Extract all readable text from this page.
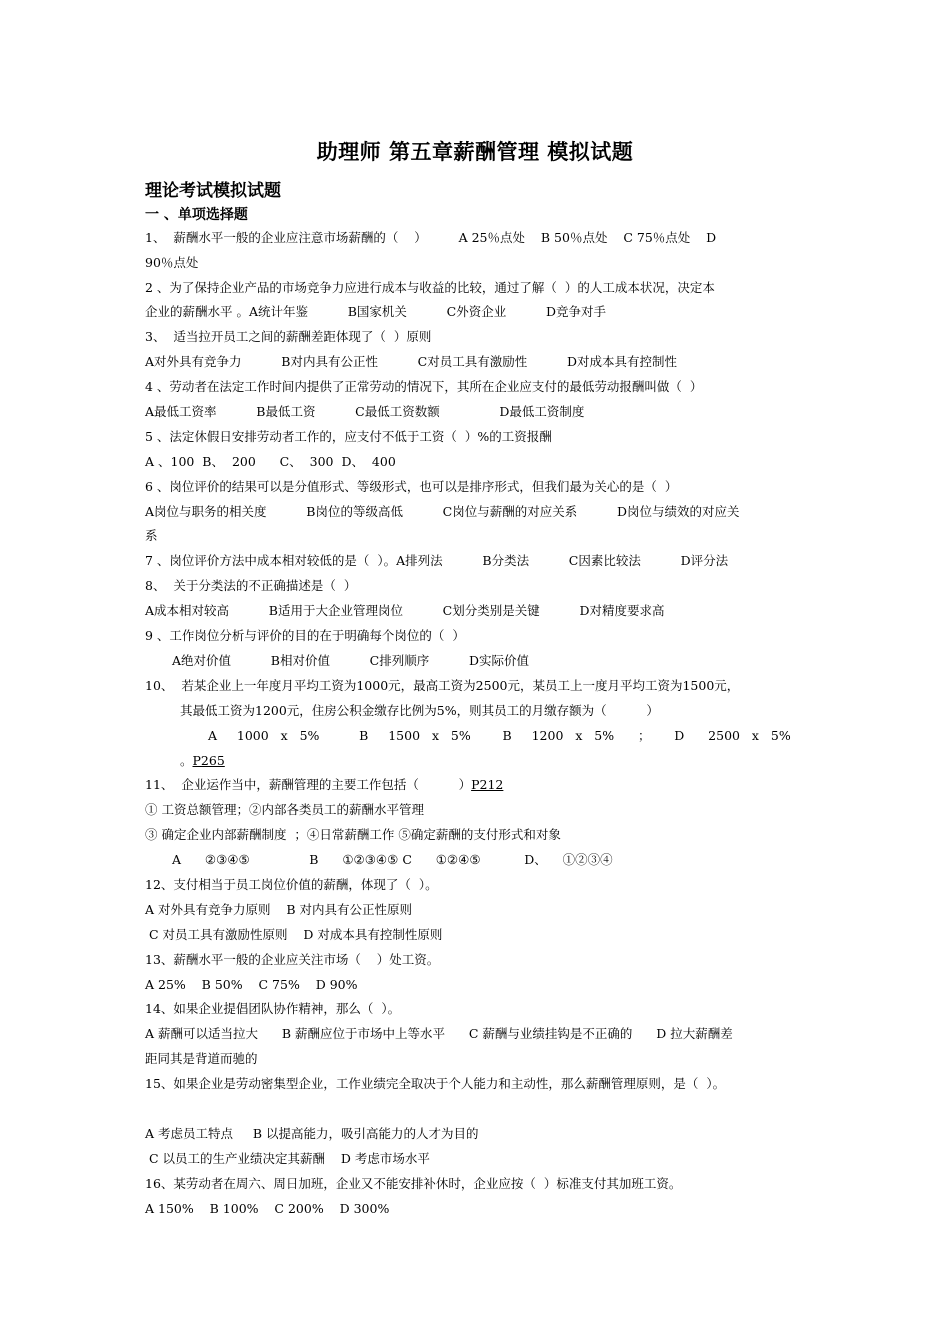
助理师 第五章薪酬管理 模拟试题
理论考试模拟试题
一 、单项选择题
1、  薪酬水平一般的企业应注意市场薪酬的（    ）        A 25％点处    B 50％点处    C 75％点处    D
90％点处
2 、为了保持企业产品的市场竞争力应进行成本与收益的比较，通过了解（  ）的人工成本状况，决定本
企业的薪酬水平 。A统计年鉴          B国家机关          C外资企业          D竞争对手
3、  适当拉开员工之间的薪酬差距体现了（  ）原则
A对外具有竞争力          B对内具有公正性          C对员工具有激励性          D对成本具有控制性
4 、劳动者在法定工作时间内提供了正常劳动的情况下，其所在企业应支付的最低劳动报酬叫做（  ）
A最低工资率          B最低工资          C最低工资数额               D最低工资制度
5 、法定休假日安排劳动者工作的，应支付不低于工资（  ）%的工资报酬
A 、100  B、  200      C、  300  D、  400
6 、岗位评价的结果可以是分值形式、等级形式，也可以是排序形式，但我们最为关心的是（  ）
A岗位与职务的相关度          B岗位的等级高低          C岗位与薪酬的对应关系          D岗位与绩效的对应关
系
7 、岗位评价方法中成本相对较低的是（  ）。A排列法          B分类法          C因素比较法          D评分法
8、  关于分类法的不正确描述是（  ）
A成本相对较高          B适用于大企业管理岗位          C划分类别是关键          D对精度要求高
9 、工作岗位分析与评价的目的在于明确每个岗位的（  ）
A绝对价值          B相对价值          C排列顺序          D实际价值
10、  若某企业上一年度月平均工资为1000元，最高工资为2500元，某员工上一度月平均工资为1500元，
其最低工资为1200元，住房公积金缴存比例为5%，则其员工的月缴存额为（          ）
A     1000   x   5%          B     1500   x   5%        B     1200   x   5%      ；      D      2500   x   5%
。P265
11、  企业运作当中，薪酬管理的主要工作包括（          ）P212
① 工资总额管理；②内部各类员工的薪酬水平管理
③ 确定企业内部薪酬制度  ；④日常薪酬工作 ⑤确定薪酬的支付形式和对象
A      ②③④⑤               B      ①②③④⑤ C      ①②④⑤           D、    ①②③④
12、支付相当于员工岗位价值的薪酬，体现了（  ）。
A 对外具有竞争力原则    B 对内具有公正性原则
C 对员工具有激励性原则    D 对成本具有控制性原则
13、薪酬水平一般的企业应关注市场（    ）处工资。
A 25%    B 50%    C 75%    D 90%
14、如果企业提倡团队协作精神，那么（  ）。
A 薪酬可以适当拉大      B 薪酬应位于市场中上等水平      C 薪酬与业绩挂钩是不正确的      D 拉大薪酬差
距同其是背道而驰的
15、如果企业是劳动密集型企业，工作业绩完全取决于个人能力和主动性，那么薪酬管理原则，是（  ）。
A 考虑员工特点     B 以提高能力，吸引高能力的人才为目的
C 以员工的生产业绩决定其薪酬    D 考虑市场水平
16、某劳动者在周六、周日加班，企业又不能安排补休时，企业应按（  ）标准支付其加班工资。
A 150%    B 100%    C 200%    D 300%
